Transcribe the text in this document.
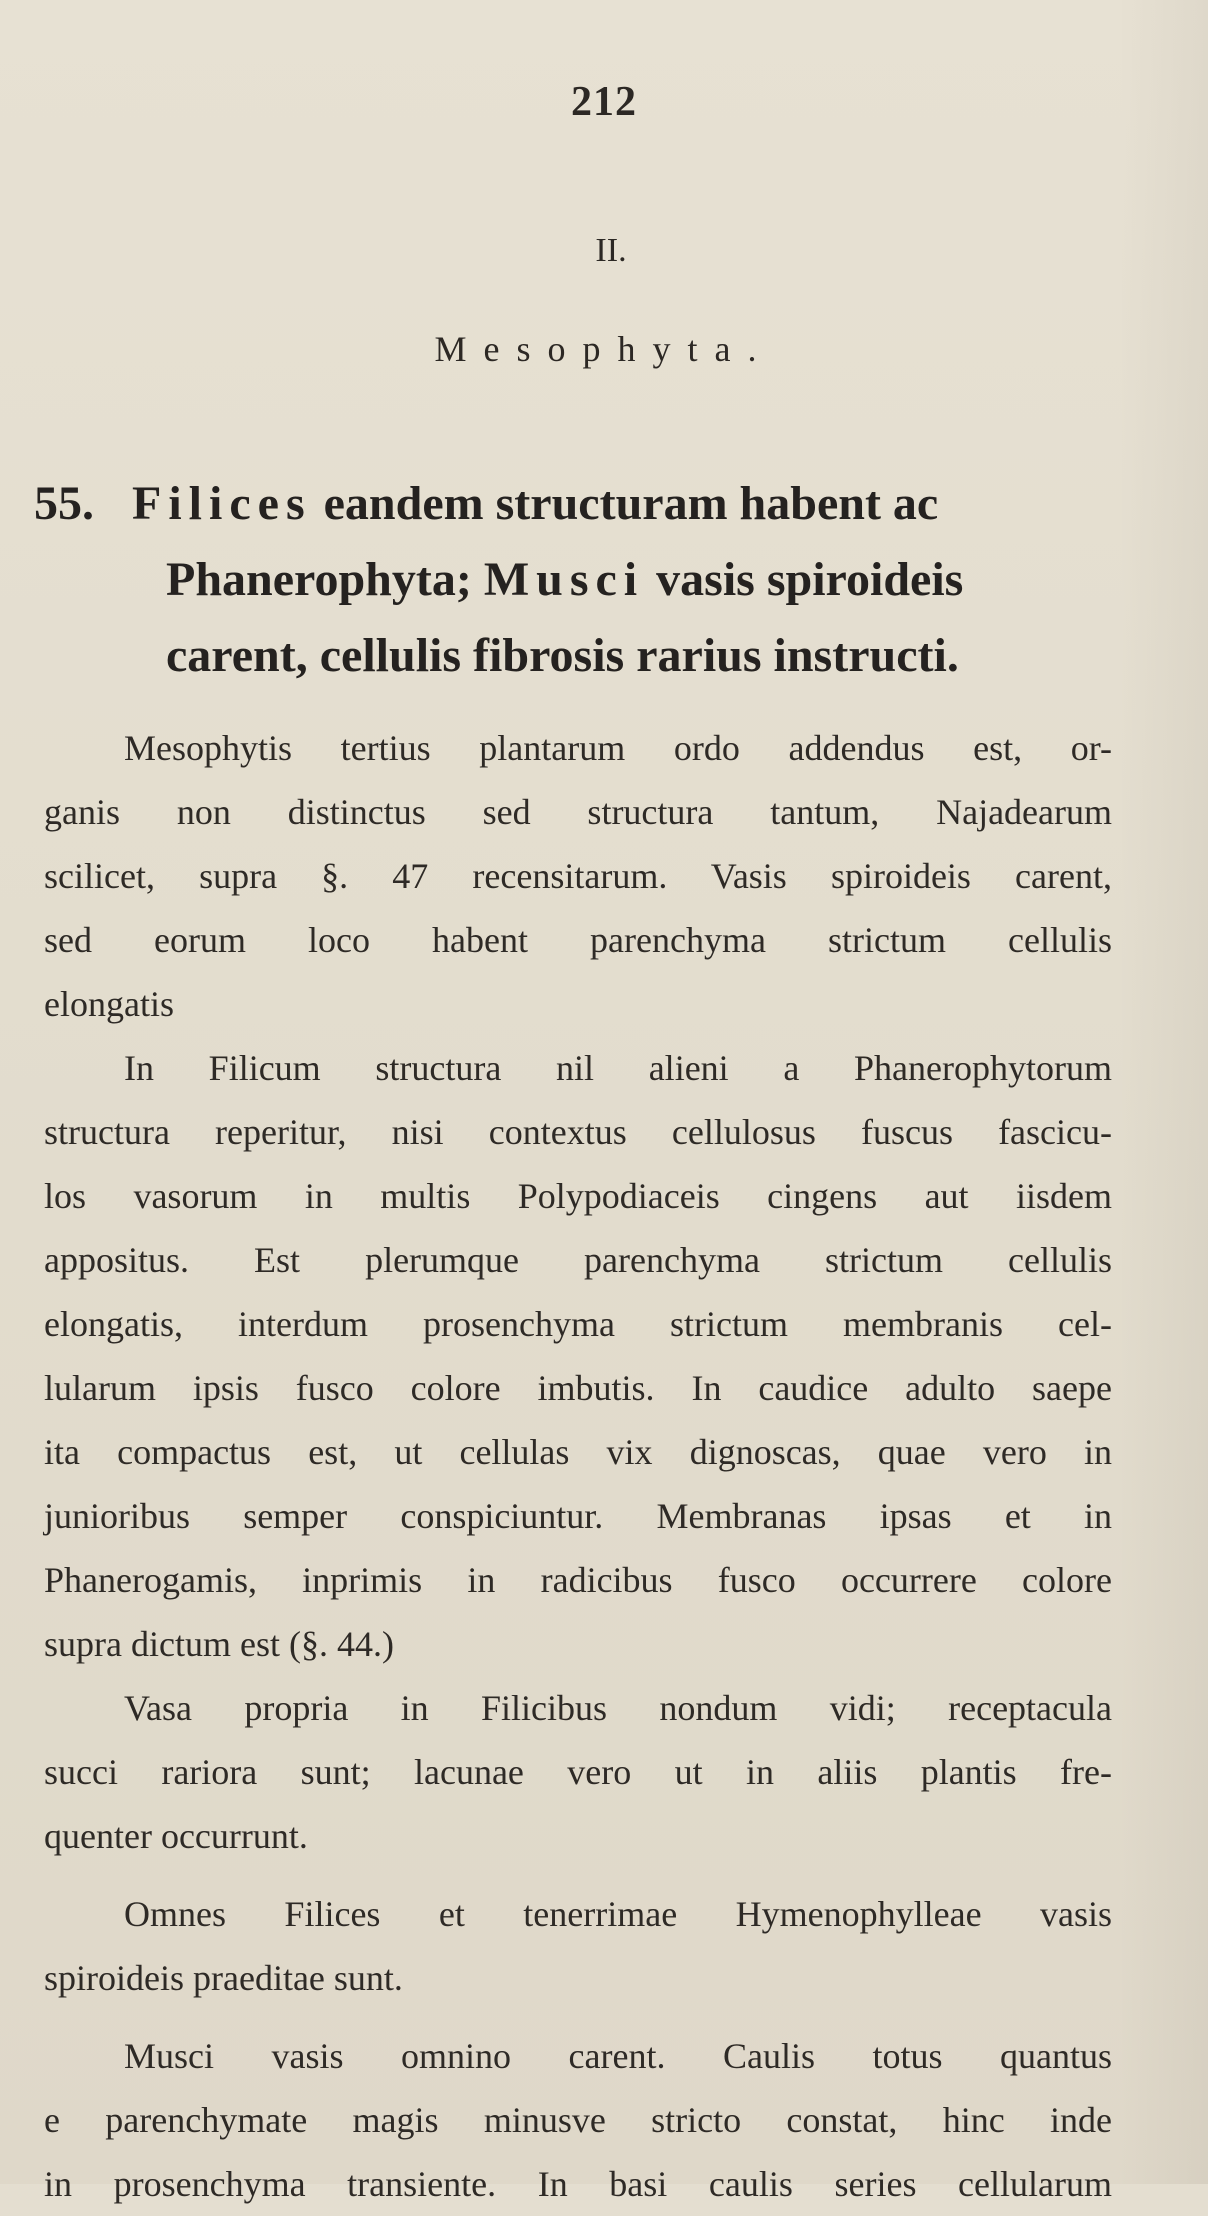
212
II.
Mesophyta.
55. Filices eandem structuram habent ac
Phanerophyta; Musci vasis spiroideis
carent, cellulis fibrosis rarius instructi.
Mesophytis tertius plantarum ordo addendus est, or-
ganis non distinctus sed structura tantum, Najadearum
scilicet, supra §. 47 recensitarum. Vasis spiroideis carent,
sed eorum loco habent parenchyma strictum cellulis
elongatis
In Filicum structura nil alieni a Phanerophytorum
structura reperitur, nisi contextus cellulosus fuscus fascicu-
los vasorum in multis Polypodiaceis cingens aut iisdem
appositus. Est plerumque parenchyma strictum cellulis
elongatis, interdum prosenchyma strictum membranis cel-
lularum ipsis fusco colore imbutis. In caudice adulto saepe
ita compactus est, ut cellulas vix dignoscas, quae vero in
junioribus semper conspiciuntur. Membranas ipsas et in
Phanerogamis, inprimis in radicibus fusco occurrere colore
supra dictum est (§. 44.)
Vasa propria in Filicibus nondum vidi; receptacula
succi rariora sunt; lacunae vero ut in aliis plantis fre-
quenter occurrunt.
Omnes Filices et tenerrimae Hymenophylleae vasis
spiroideis praeditae sunt.
Musci vasis omnino carent. Caulis totus quantus
e parenchymate magis minusve stricto constat, hinc inde
in prosenchyma transiente. In basi caulis series cellularum
